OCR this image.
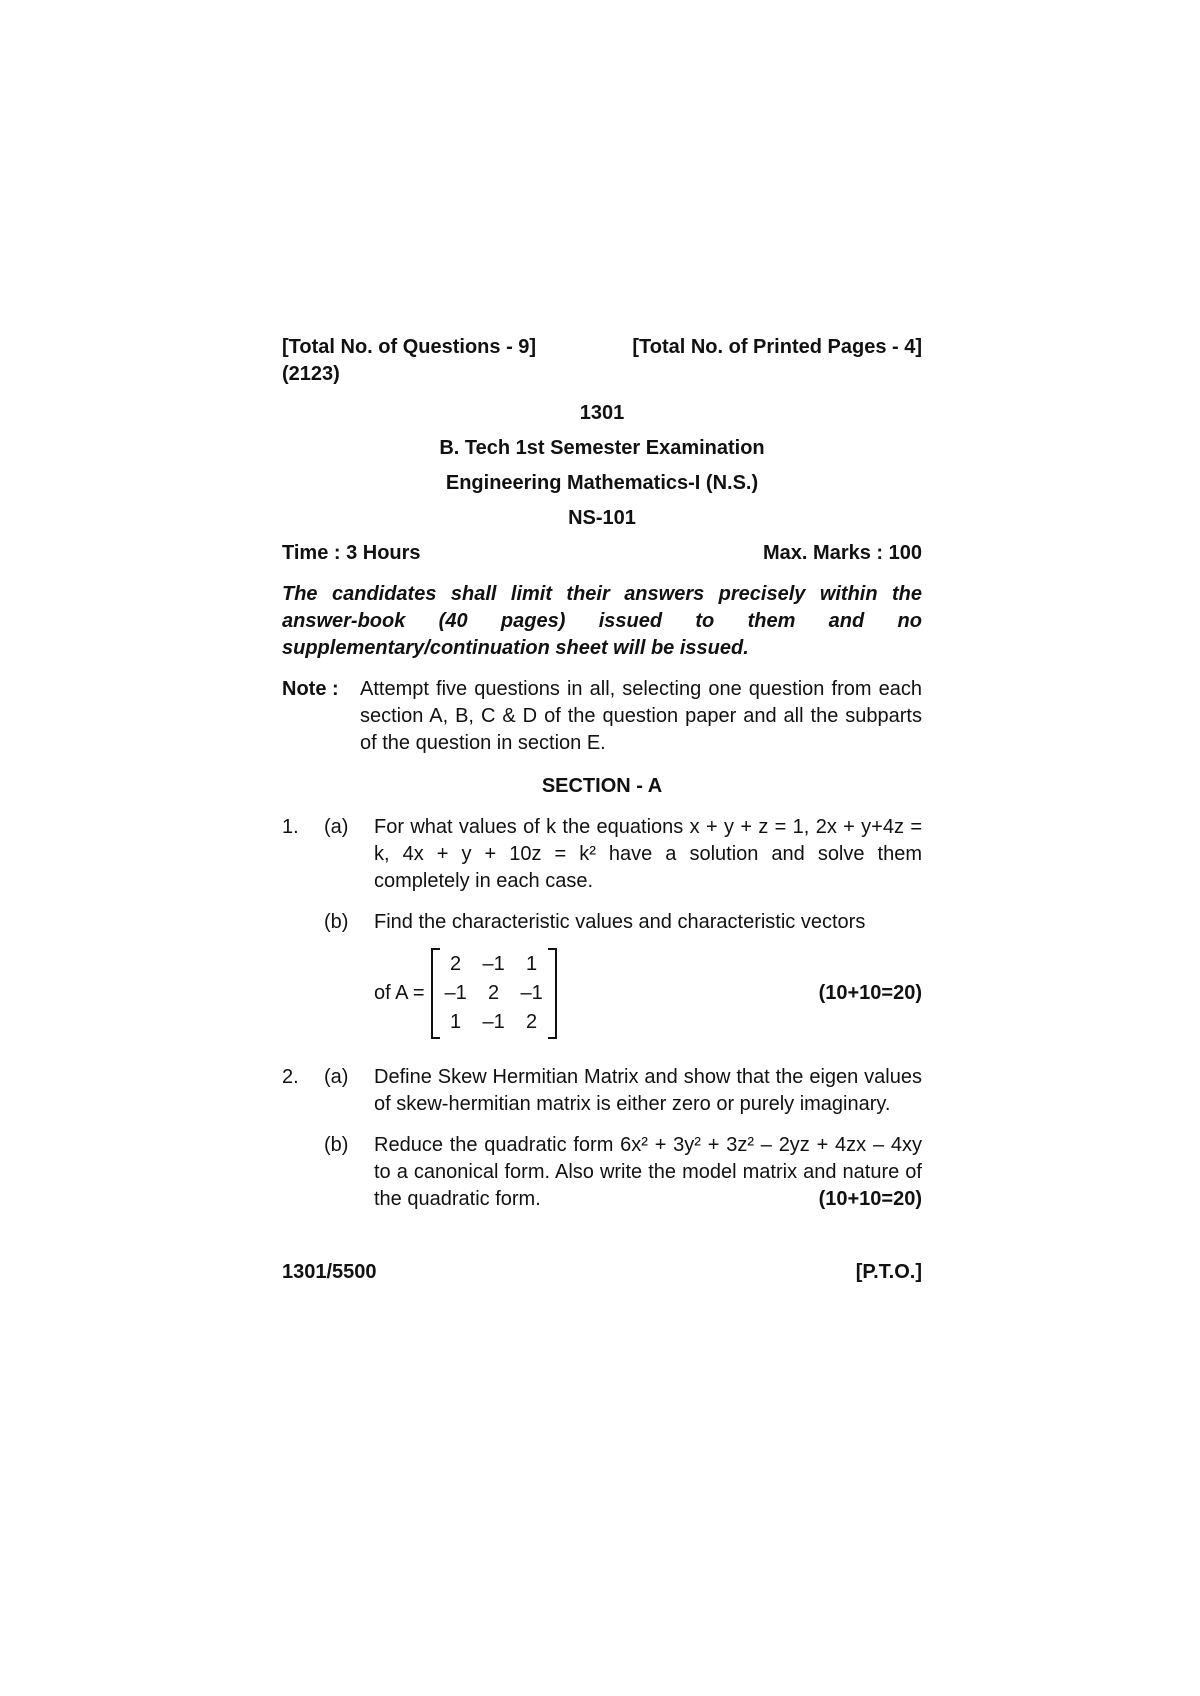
[Total No. of Questions - 9]	[Total No. of Printed Pages - 4]
(2123)
1301
B. Tech 1st Semester Examination
Engineering Mathematics-I (N.S.)
NS-101
Time : 3 Hours	Max. Marks : 100
The candidates shall limit their answers precisely within the answer-book (40 pages) issued to them and no supplementary/continuation sheet will be issued.
Note :	Attempt five questions in all, selecting one question from each section A, B, C & D of the question paper and all the subparts of the question in section E.
SECTION - A
1.	(a)	For what values of k the equations x + y + z = 1, 2x + y+4z = k, 4x + y + 10z = k² have a solution and solve them completely in each case.
(b)	Find the characteristic values and characteristic vectors
of A =
2	–1	1
–1	2	–1
1	–1	2
(10+10=20)
2.	(a)	Define Skew Hermitian Matrix and show that the eigen values of skew-hermitian matrix is either zero or purely imaginary.
(b)	Reduce the quadratic form 6x² + 3y² + 3z² – 2yz + 4zx – 4xy to a canonical form. Also write the model matrix and nature of the quadratic form.	(10+10=20)
1301/5500	[P.T.O.]
